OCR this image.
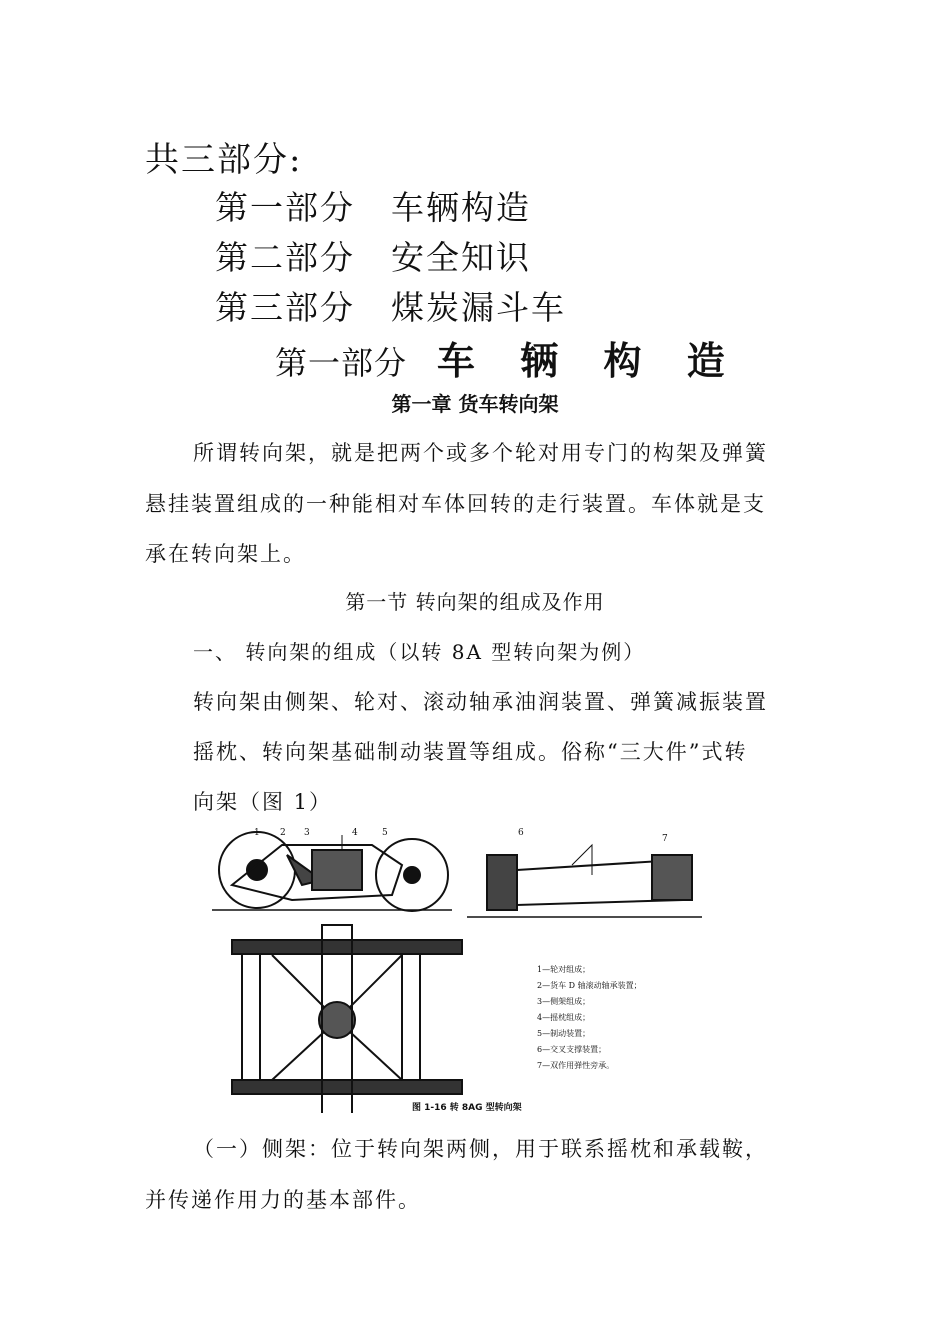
共三部分:
第一部分 车辆构造
第二部分 安全知识
第三部分 煤炭漏斗车
第一部分 车 辆 构 造
第一章 货车转向架
所谓转向架，就是把两个或多个轮对用专门的构架及弹簧
悬挂装置组成的一种能相对车体回转的走行装置。车体就是支
承在转向架上。
第一节 转向架的组成及作用
一、 转向架的组成（以转 8A 型转向架为例）
转向架由侧架、轮对、滚动轴承油润装置、弹簧减振装置
摇枕、转向架基础制动装置等组成。俗称“三大件”式转
向架（图 1）
1 2 3	4	5	6
7
1—轮对组成；
2—货车 D 轴滚动轴承装置；
3—侧架组成；
4—摇枕组成；
5—制动装置；
6—交叉支撑装置；
7—双作用弹性旁承。
图 1-16 转 8AG 型转向架
（一）侧架：位于转向架两侧，用于联系摇枕和承载鞍，
并传递作用力的基本部件。
